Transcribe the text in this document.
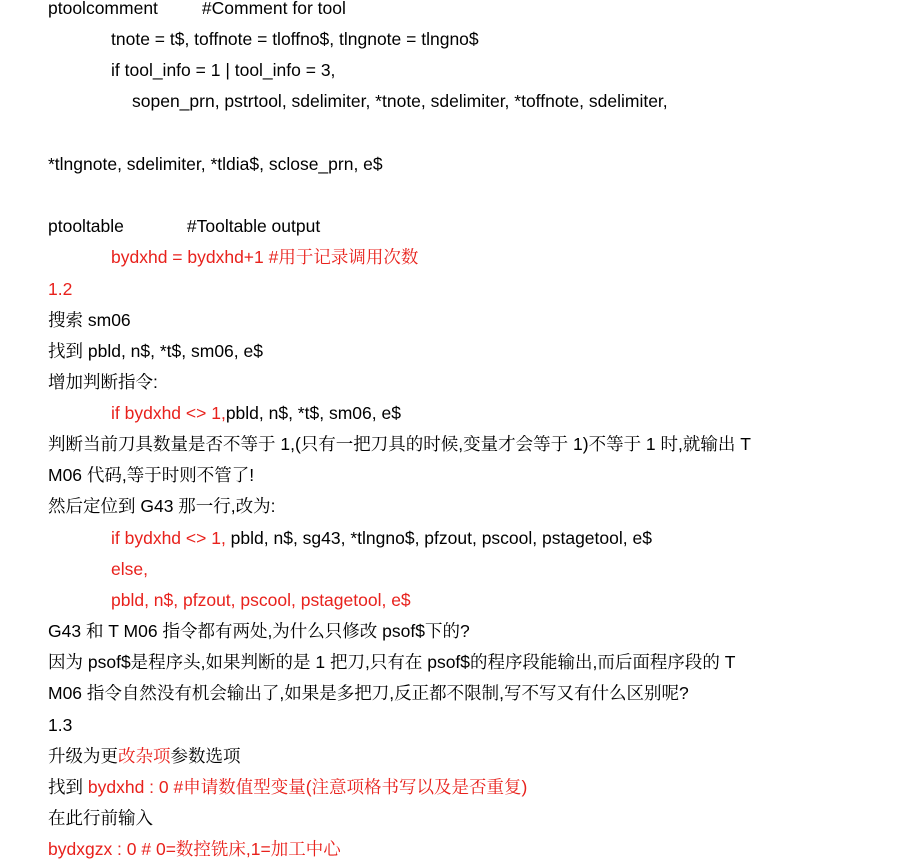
ptoolcomment	#Comment for tool
tnote = t$, toffnote = tloffno$, tlngnote = tlngno$
if tool_info = 1 | tool_info = 3,
sopen_prn, pstrtool, sdelimiter, *tnote, sdelimiter, *toffnote, sdelimiter,
*tlngnote, sdelimiter, *tldia$, sclose_prn, e$
ptooltable	#Tooltable output
bydxhd = bydxhd+1 #用于记录调用次数
1.2
搜索 sm06
找到 pbld, n$, *t$, sm06, e$
增加判断指令:
if bydxhd <> 1,pbld, n$, *t$, sm06, e$
判断当前刀具数量是否不等于 1,(只有一把刀具的时候,变量才会等于 1)不等于 1 时,就输出 T
M06 代码,等于时则不管了!
然后定位到 G43 那一行,改为:
if bydxhd <> 1, pbld, n$, sg43, *tlngno$, pfzout, pscool, pstagetool, e$
else,
pbld, n$, pfzout, pscool, pstagetool, e$
G43 和 T M06 指令都有两处,为什么只修改 psof$下的?
因为 psof$是程序头,如果判断的是 1 把刀,只有在 psof$的程序段能输出,而后面程序段的 T
M06 指令自然没有机会输出了,如果是多把刀,反正都不限制,写不写又有什么区别呢?
1.3
升级为更改杂项参数选项
找到 bydxhd : 0 #申请数值型变量(注意项格书写以及是否重复)
在此行前输入
bydxgzx : 0 # 0=数控铣床,1=加工中心
